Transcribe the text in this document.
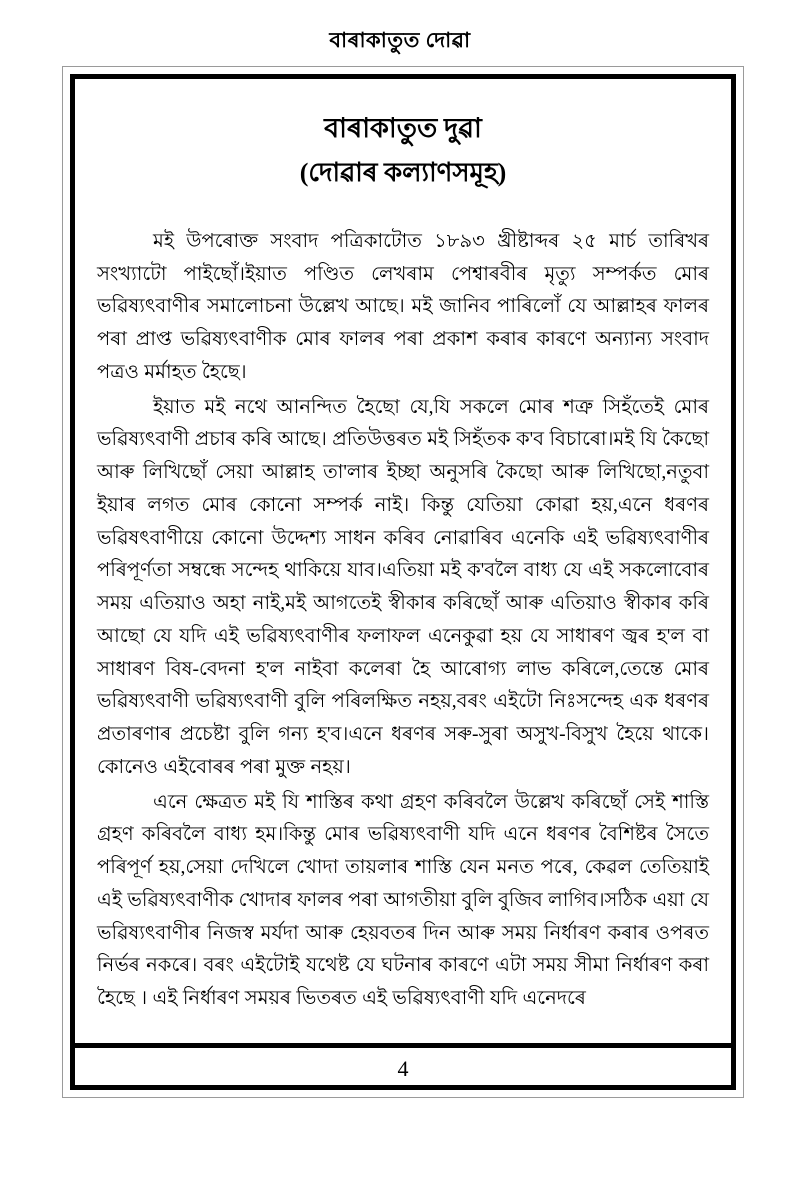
বাৰাকাতুত দোৱা
বাৰাকাতুত দুৱা
(দোৱাৰ কল্যাণসমূহ)

মই উপৰোক্ত সংবাদ পত্ৰিকাটোত ১৮৯৩ খ্ৰীষ্টাব্দৰ ২৫ মাৰ্চ তাৰিখৰ সংখ্যাটো পাইছোঁ।ইয়াত পণ্ডিত লেখৰাম পেশ্বাৰবীৰ মৃত্যু সম্পৰ্কত মোৰ ভৱিষ্যৎবাণীৰ সমালোচনা উল্লেখ আছে। মই জানিব পাৰিলোঁ যে আল্লাহৰ ফালৰ পৰা প্ৰাপ্ত ভৱিষ্যৎবাণীক মোৰ ফালৰ পৰা প্ৰকাশ কৰাৰ কাৰণে অন্যান্য সংবাদ পত্ৰও মৰ্মাহত হৈছে।

ইয়াত মই নথে আনন্দিত হৈছো যে,যি সকলে মোৰ শত্ৰু সিহঁতেই মোৰ ভৱিষ্যৎবাণী প্ৰচাৰ কৰি আছে। প্ৰতিউত্তৰত মই সিহঁতক ক'ব বিচাৰো।মই যি কৈছো আৰু লিখিছোঁ সেয়া আল্লাহ তা'লাৰ ইচ্ছা অনুসৰি কৈছো আৰু লিখিছো,নতুবা ইয়াৰ লগত মোৰ কোনো সম্পৰ্ক নাই। কিন্তু যেতিয়া কোৱা হয়,এনে ধৰণৰ ভৱিষৎবাণীয়ে কোনো উদ্দেশ্য সাধন কৰিব নোৱাৰিব এনেকি এই ভৱিষ্যৎবাণীৰ পৰিপূৰ্ণতা সম্বন্ধে সন্দেহ থাকিয়ে যাব।এতিয়া মই ক'বলৈ বাধ্য যে এই সকলোবোৰ সময় এতিয়াও অহা নাই,মই আগতেই স্বীকাৰ কৰিছোঁ আৰু এতিয়াও স্বীকাৰ কৰি আছো যে যদি এই ভৱিষ্যৎবাণীৰ ফলাফল এনেকুৱা হয় যে সাধাৰণ জ্বৰ হ'ল বা সাধাৰণ বিষ-বেদনা হ'ল নাইবা কলেৰা হৈ আৰোগ্য লাভ কৰিলে,তেন্তে মোৰ ভৱিষ্যৎবাণী ভৱিষ্যৎবাণী বুলি পৰিলক্ষিত নহয়,বৰং এইটো নিঃসন্দেহ এক ধৰণৰ প্ৰতাৰণাৰ প্ৰচেষ্টা বুলি গন্য হ'ব।এনে ধৰণৰ সৰু-সুৰা অসুখ-বিসুখ হৈয়ে থাকে। কোনেও এইবোৰৰ পৰা মুক্ত নহয়।

এনে ক্ষেত্ৰত মই যি শাস্তিৰ কথা গ্ৰহণ কৰিবলৈ উল্লেখ কৰিছোঁ সেই শাস্তি গ্ৰহণ কৰিবলৈ বাধ্য হম।কিন্তু মোৰ ভৱিষ্যৎবাণী যদি এনে ধৰণৰ বৈশিষ্টৰ সৈতে পৰিপূৰ্ণ হয়,সেয়া দেখিলে খোদা তায়লাৰ শাস্তি যেন মনত পৰে, কেৱল তেতিয়াই এই ভৱিষ্যৎবাণীক খোদাৰ ফালৰ পৰা আগতীয়া বুলি বুজিব লাগিব।সঠিক এয়া যে ভৱিষ্যৎবাণীৰ নিজস্ব মৰ্যদা আৰু হেয়বতৰ দিন আৰু সময় নিৰ্ধাৰণ কৰাৰ ওপৰত নিৰ্ভৰ নকৰে। বৰং এইটোই যথেষ্ট যে ঘটনাৰ কাৰণে এটা সময় সীমা নিৰ্ধাৰণ কৰা হৈছে । এই নিৰ্ধাৰণ সময়ৰ ভিতৰত এই ভৱিষ্যৎবাণী যদি এনেদৰে

4
